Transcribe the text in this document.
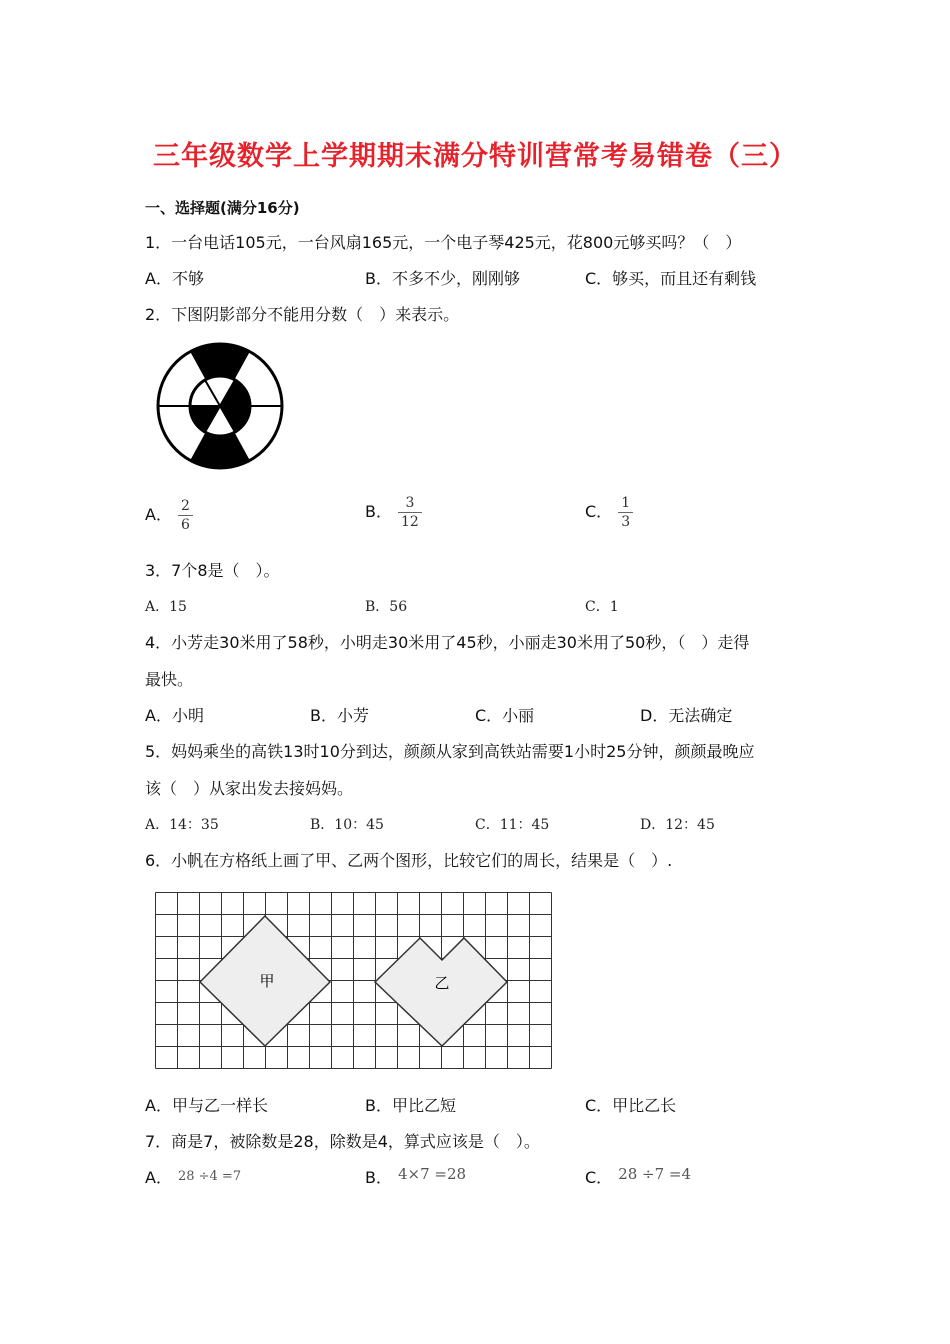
三年级数学上学期期末满分特训营常考易错卷（三）
一、选择题(满分16分)
1．一台电话105元，一台风扇165元，一个电子琴425元，花800元够买吗？（　）
A．不够	B．不多不少，刚刚够	C．够买，而且还有剩钱
2．下图阴影部分不能用分数（　）来表示。
A． $\frac{2}{6}$	B． $\frac{3}{12}$	C． $\frac{1}{3}$
3．7个8是（　）。
A．15	B．56	C．1
4．小芳走30米用了58秒，小明走30米用了45秒，小丽走30米用了50秒，（　）走得
最快。
A．小明	B．小芳	C．小丽	D．无法确定
5．妈妈乘坐的高铁13时10分到达，颜颜从家到高铁站需要1小时25分钟，颜颜最晚应
该（　）从家出发去接妈妈。
A．14：35	B．10：45	C．11：45	D．12：45
6．小帆在方格纸上画了甲、乙两个图形，比较它们的周长，结果是（　）.
甲	乙
A．甲与乙一样长	B．甲比乙短	C．甲比乙长
7．商是7，被除数是28，除数是4，算式应该是（　）。
A． 28 ÷4 =7	B． 4×7 =28	C． 28 ÷7 =4
